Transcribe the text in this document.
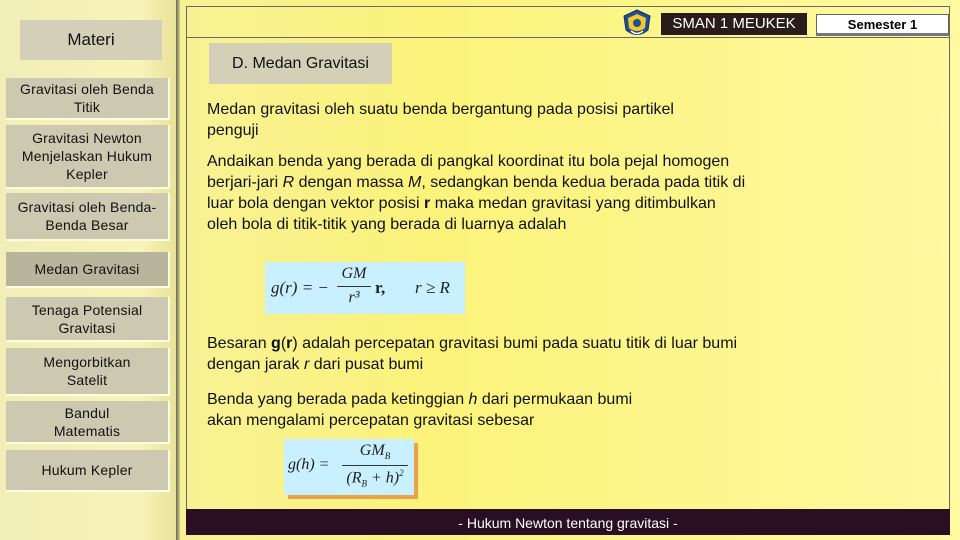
Materi
Gravitasi oleh Benda Titik
Gravitasi Newton Menjelaskan Hukum Kepler
Gravitasi oleh Benda-Benda Besar
Medan Gravitasi
Tenaga Potensial Gravitasi
Mengorbitkan Satelit
Bandul Matematis
Hukum Kepler
SMAN 1 MEUKEK	Semester 1
D. Medan Gravitasi
Medan gravitasi oleh suatu benda bergantung pada posisi partikel penguji
Andaikan benda yang berada di pangkal koordinat itu bola pejal homogen berjari-jari R dengan massa M, sedangkan benda kedua berada pada titik di luar bola dengan vektor posisi r maka medan gravitasi yang ditimbulkan oleh bola di titik-titik yang berada di luarnya adalah
g(r) = −
GM
r³
r, r ≥ R
Besaran g(r) adalah percepatan gravitasi bumi pada suatu titik di luar bumi dengan jarak r dari pusat bumi
Benda yang berada pada ketinggian h dari permukaan bumi akan mengalami percepatan gravitasi sebesar
g(h) =
$GM_B$
$(R_B + h)^2$
- Hukum Newton tentang gravitasi -
